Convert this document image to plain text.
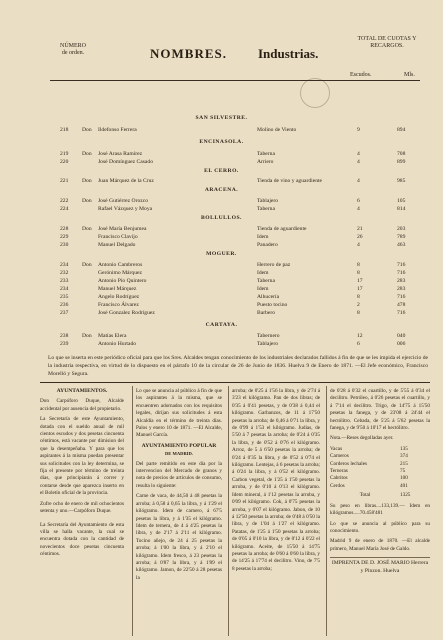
NÚMERO de orden.	NOMBRES. Industrias.
TOTAL DE CUOTAS Y RECARGOS.
Escudos.	Mls.
SAN SILVESTRE.
ENCINASOLA.
EL CERRO.
ARACENA.
BOLLULLOS.
MOGUER.
CARTAYA.
218 Don Ildefonso Ferrera	Molino de Viento	9	894
219 Don José Arasa Ramírez	Taberna	4	708
220	José Domínguez Casado	Arriero	4	899
221 Don Juan Márquez de la Cruz	Tienda de vino y aguardiente	4	985
222 Don José Gutiérrez Orozco	Tablajero	6	105
224	Rafael Vázquez y Moya	Taberna	4	814
228 Don José María Benjumea	Tienda de aguardiente	21	203
229	Francisco Clavijo	Idem	26	789
230	Manuel Delgado	Panadero	4	463
234 Don Antonio Cambreros	Herrero de paz	8	716
232	Gerónimo Márquez	Idem	8	716
233	Antonio Pío Quintero	Taberna	17	283
234	Manuel Márquez	Idem	17	283
235	Angelo Rodríguez	Alhucería	8	716
236	Francisco Álvarez	Puesto tocino	2	478
237	José Gonzalez Rodríguez	Barbero	8	716
238 Don Matías Elera	Tabernero	12	040
239	Antonio Hurtado	Tablajero	6	006
Lo que se inserta en este periódico oficial para que los Sres. Alcaldes tengan conocimiento de los industriales declarados fallidos á fin de que se les impida el ejercicio de la industria respectiva, en virtud de lo dispuesto en el párrafo 10 de la circular de 26 de Junio de 1836. Huelva 9 de Enero de 1871. —El Jefe económico, Francisco Morelló y Segura.
AYUNTAMIENTOS.

Don Carpóforo Duque, Alcalde accidental por ausencia del propietario.

La Secretaría de este Ayuntamiento, dotada con el sueldo anual de mil cientos escudos y dos pesetas cincuenta céntimos, está vacante por dimision del que la desempeñaba. Y para que los aspirantes á la misma puedan presentar sus solicitudes con la ley determina, se fija el presente por término de treinta días, que principiarán á correr y contarse desde que aparezca inserto en el Boletín oficial de la provincia.

Zufre ocho de enero de mil ochocientos setenta y uno.—Carpóforo Duque.

La Secretaría del Ayuntamiento de esta villa se halla vacante, la cual se encuentra dotada con la cantidad de novecientos doce pesetas cincuenta céntimos.

Lo que se anuncia al público á fin de que los aspirantes á la misma, que se encuentren adornados con los requisitos legales, dirijan sus solicitudes á esta Alcaldía en el término de treinta días. Palos y enero 10 de 1871. —El Alcalde, Manuel García.

AYUNTAMIENTO POPULAR
DE MADRID.

Del parte remitido en este día por la intervencion del Mercado de granos y nota de precios de artículos de consumo, resulta lo siguiente:

Carne de vaca, de 44,50 á 48 pesetas la arroba; á 0,58 á 0,65 la libra, y á 1'29 el kilógramo. Idem de carnero, á 67'5 pesetas la libra, y á 1'35 el kilógramo. Idem de ternera, de 4 á 4'25 pesetas la libra, y de 2'17 á 2'11 el kilógramo. Tocino añejo, de 24 á 25 pesetas la arroba; á 1'00 la libra, y á 2'10 el kilógramo. Idem fresco, á 23 pesetas la arroba; á 0'87 la libra, y á 1'89 el kilógramo. Jamon, de 22'50 á 28 pesetas la

arroba; de 0'25 á 1'56 la libra, y de 2'74 á 3'23 el kilógramo. Pan de dos libras; de 0'35 á 0'41 pesetas, y de 0'38 á 0,44 el kilógramo. Garbanzos, de 11 á 17'50 pesetas la arroba; de 0,46 á 0'71 la libra, y de 0'99 á 1'53 el kilógramo. Judías, de 5'50 á 7 pesetas la arroba; de 0'24 á 0'35 la libra, y de 0'52 á 0'76 el kilógramo. Arroz, de 5 á 6'50 pesetas la arroba; de 0'24 á 0'35 la libra, y de 0'52 á 0'74 el kilógramo. Lentejas, á 6 pesetas la arroba; á 0'24 la libra, y á 0'52 el kilógramo. Carbon vegetal, de 1'25 á 1'50 pesetas la arroba, y de 0'10 á 0'13 el kilógramo. Idem mineral, á 1'12 pesetas la arroba, y 0'09 el kilógramo. Cok, á 0'75 pesetas la arroba, y 0'07 el kilógramo. Jabon, de 10 á 12'50 pesetas la arroba; de 0'48 á 0'50 la libra, y de 1'04 á 1'27 el kilógramo. Patatas, de 1'25 á 1'50 pesetas la arroba; de 0'05 á 0'10 la libra, y de 0'12 á 0'22 el kilógramo. Aceite, de 15'50 á 14'75 pesetas la arroba; de 0'60 á 0'60 la libra, y de 14'25 á 17'74 el decilitro. Vino, de 7'5 8 pesetas la arroba;

de 0'28 á 0'32 el cuartillo, y de 5'55 á 0'34 el decilitro. Petróleo, á 0'26 pesetas el cuartillo, y á 7'14 el decilitro. Trigo, de 14'75 á 15'50 pesetas la fanega, y de 23'08 á 24'44 el hectólitro. Cebada, de 5'25 á 5'62 pesetas la fanega, y de 9'50 á 10'17 el hectólitro.

Nota.—Reses degolladas ayer.

Vacas	135
Carneros	374
Corderos lechales	215
Terneras	75
Cabritos	100
Cerdos	401
Total	1325

Su peso en libras....133,139.— Idem en kilógramos.....70.458'481

Lo que se anuncia al público para su conocimiento.

Madrid 9 de enero de 1870. —El alcalde primero, Manuel María José de Galdo.

IMPRENTA DE D. JOSÉ MARIO Herrera y Pinzon. Huelva
